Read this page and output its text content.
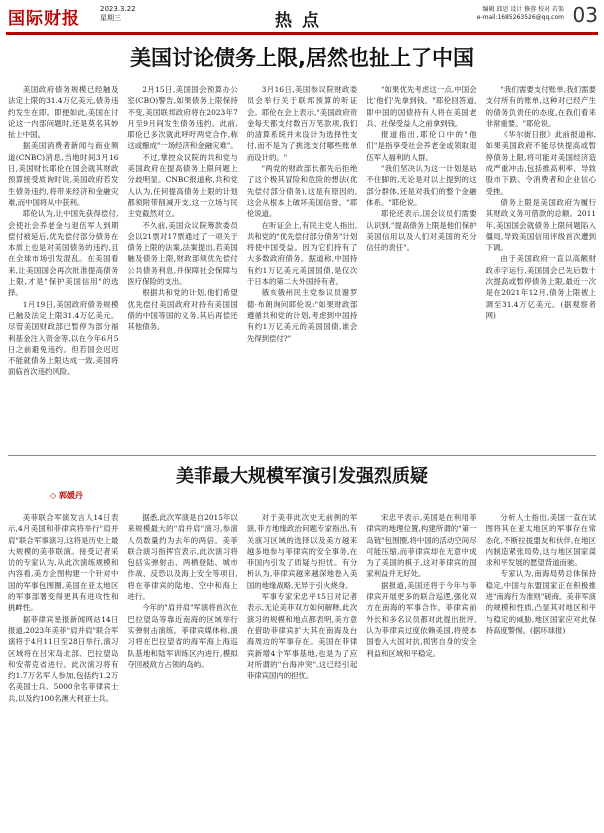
国际财报	2023.3.22
星期三	热点
编辑 邱思 设计 修蓉 校对 若渠
e-mail:1685263526@qq.com 03
美国讨论债务上限,居然也扯上了中国

美国政府债务规模已经触及法定上限的31.4万亿美元,债务违约发生在即。即便如此,美国在讨论这一内部问题时,还是莫名其妙扯上中国。

据美国消费者新闻与商业频道(CNBC)消息,当地时间3月16日,美国财长耶伦在国会就其财政预算接受质询时说,美国政府若发生债务违约,将带来经济和金融灾难,而中国将从中获利。

耶伦认为,让中国先获得偿付,会使社会养老金与退伍军人到期偿付被延后,优先偿付部分债务在本质上也是对美国债务的违约,且在全球市场引发混乱。在美国看来,让美国国会再次批准提高债务上限,才是"保护美国信用"的选择。

1月19日,美国政府债务规模已触及法定上限31.4万亿美元。尽管美国财政部已暂停为部分福利基金注入资金等,以在今年6月5日之前避免违约。但若国会迟迟不能就债务上限达成一致,美国将面临首次违约风险。

2月15日,美国国会预算办公室(CBO)警告,如果债务上限保持不变,美国联邦政府将在2023年7月至9月间发生债务违约。此前,耶伦已多次就此呼吁两党合作,称这或酿成"一场经济和金融灾难"。

不过,掌控众议院的共和党与美国政府在提高债务上限问题上分歧明显。CNBC报道称,共和党人认为,任何提高债务上限的计划都须附带削减开支,这一立场与民主党截然对立。

不久前,美国众议院筹款委员会以21票对17票通过了一项关于债务上限的法案,法案提出,若美国触及债务上限,财政部须优先偿付公共债务利息,并保障社会保障与医疗保险的支出。

根据共和党的计划,他们希望优先偿付美国政府对持有美国国债的中国等国的义务,其后再偿还其他债务。

3月16日,美国参议院财政委员会举行关于联邦预算的听证会。耶伦在会上表示,"美国政府资金每天都支付数百万笔款项,我们的清算系统并未设计为选择性支付,而不是为了挑选支付哪些账单而设计的。"

"两党的财政部长都先后拒绝了这个极其冒险和危险的想法(优先偿付部分债务),这是有原因的,这会从根本上破坏美国信誉。"耶伦说道。

在听证会上,有民主党人指出,共和党的"优先偿付部分债务"计划将使中国受益。因为它们持有了大多数政府债务。据道称,中国持有约1万亿美元美国国债,是仅次于日本的第二大外国持有者。

俄亥俄州民主党参议员谢罗德·布朗询问耶伦说:"如果财政部遵循共和党的计划,考虑到中国持有约1万亿美元的美国国债,谁会先得到偿付?"

"如果优先考虑这一点,中国会比'他们'先拿到钱。"耶伦回答道,即中国的国债持有人将在美国老兵、社保受益人之前拿到钱。

报道指出,耶伦口中的"他们"是指享受社会养老金或领取退伍军人福利的人群。

"我们坚决认为这一计划是站不住脚的,无论是对以上提到的这部分群体,还是对我们的整个金融体系。"耶伦说。

耶伦还表示,国会议员们需要认识到,"提高债务上限是他们保护美国信用以及人们对美国的充分信任的责任"。

"我们需要支付账单,我们需要支付所有的账单,这种对已经产生的债务负责任的态度,在我们看来非常重要。"耶伦说。

《华尔街日报》此前报道称,如果美国政府不能尽快提高或暂停债务上限,将可能对美国经济造成严重冲击,包括推高利率、导致股市下跌、令消费者和企业信心受挫。

债务上限是美国政府为履行其财政义务可借款的总额。2011年,美国国会就债务上限问题陷入僵局,导致美国信用评级首次遭到下调。

由于美国政府一直以高额财政赤字运行,美国国会已先后数十次提高或暂停债务上限,最近一次是在2021年12月,债务上限被上调至31.4万亿美元。(据观察者网)

美菲最大规模军演引发强烈质疑
◇ 郭媛丹

美菲联合军演发言人14日表示,4月美国和菲律宾将举行"肩并肩"联合军事演习,这将是历史上最大规模的美菲联演。接受记者采访的专家认为,从此次演练规模和内容看,美方企图构建一个针对中国的军事包围圈,美国在亚太地区的军事部署变得更具有进攻性和挑衅性。

据菲律宾星报新闻网站14日报道,2023年美菲"肩并肩"联合军演将于4月11日至28日举行,演习区域将在吕宋岛北部、巴拉望岛和安蒂克省进行。此次演习将有约1.7万名军人参加,包括约1.2万名美国士兵、5000余名菲律宾士兵,以及约100名澳大利亚士兵。

据悉,此次军演是自2015年以来规模最大的"肩并肩"演习,参演人员数量约为去年的两倍。美菲联合演习指挥官表示,此次演习将包括实弹射击、两栖登陆、城市作战、反恐以及海上安全等项目,将在菲律宾的陆地、空中和海上进行。

今年的"肩并肩"军演将首次在巴拉望岛等靠近南海的区域举行实弹射击演练。菲律宾媒体称,演习将在巴拉望省的海军海上海巡队基地和陆军训练区内进行,模拟夺回被敌方占领的岛屿。

对于美菲此次史无前例的军演,菲方地缘政治问题专家指出,有关演习区域的选择以及美方越来越多地参与菲律宾的安全事务,在菲国内引发了质疑与担忧。有分析认为,菲律宾越来越深地卷入美国的地缘战略,无异于引火烧身。

军事专家宋忠平15日对记者表示,无论美菲双方如何解释,此次演习的规模和地点都表明,美方意在借助菲律宾扩大其在南海及台海周边的军事存在。美国在菲律宾新增4个军事基地,也是为了应对所谓的"台海冲突",这已经引起菲律宾国内的担忧。

宋忠平表示,美国是在利用菲律宾的地理位置,构建所谓的"第一岛链"包围圈,将中国的活动空间尽可能压缩,而菲律宾却在无意中成为了美国的棋子,这对菲律宾的国家利益并无好处。

据报道,美国还将于今年与菲律宾开展更多的联合巡逻,强化双方在南海的军事合作。菲律宾前外长和多名议员都对此提出批评,认为菲律宾过度依赖美国,将使本国卷入大国对抗,损害自身的安全利益和区域和平稳定。

分析人士指出,美国一直在试图将其在亚太地区的军事存在常态化,不断拉拢盟友和伙伴,在地区内制造紧张局势,这与地区国家谋求和平发展的愿望背道而驰。

专家认为,南海局势总体保持稳定,中国与东盟国家正在积极推进"南海行为准则"磋商。美菲军演的规模和性质,凸显其对地区和平与稳定的威胁,地区国家应对此保持高度警惕。(据环球报)
